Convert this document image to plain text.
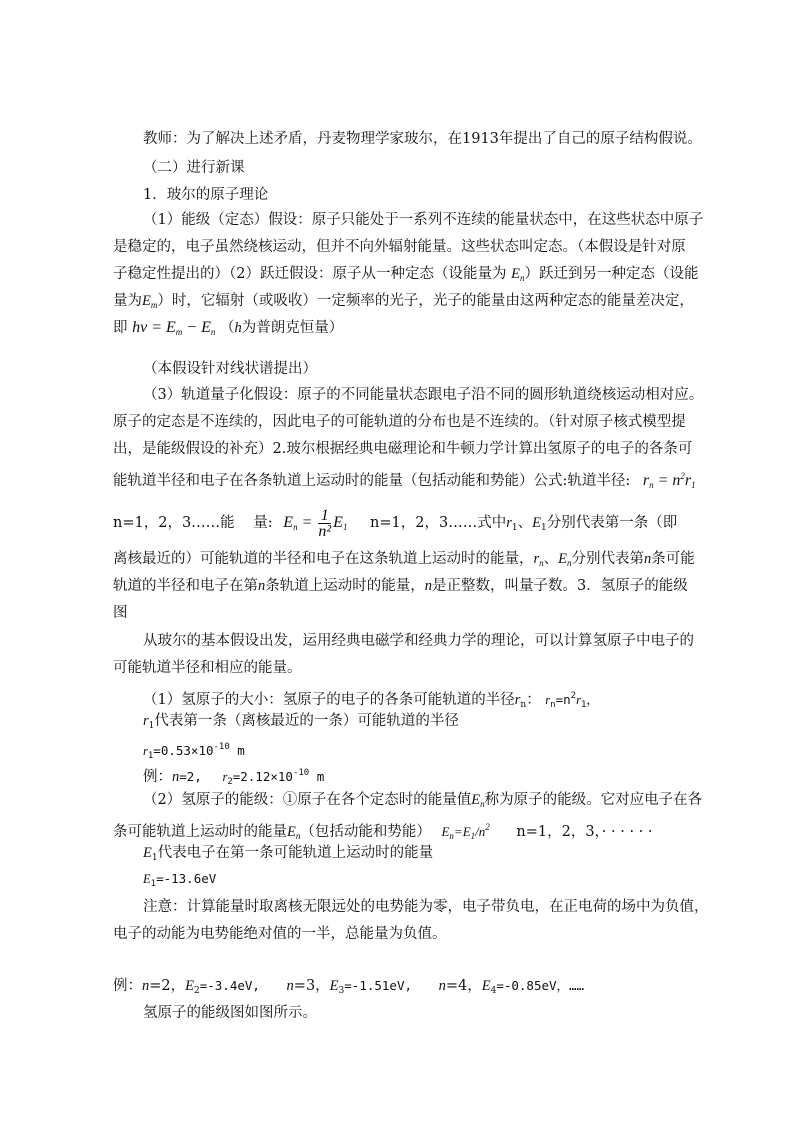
教师：为了解决上述矛盾，丹麦物理学家玻尔，在1913年提出了自己的原子结构假说。
（二）进行新课
1．玻尔的原子理论
（1）能级（定态）假设：原子只能处于一系列不连续的能量状态中，在这些状态中原子
是稳定的，电子虽然绕核运动，但并不向外辐射能量。这些状态叫定态。（本假设是针对原
子稳定性提出的）（2）跃迁假设：原子从一种定态（设能量为 $E_n$）跃迁到另一种定态（设能
量为$E_m$）时，它辐射（或吸收）一定频率的光子，光子的能量由这两种定态的能量差决定，
即 $h\nu = E_m - E_n$ （h为普朗克恒量）
（本假设针对线状谱提出）
（3）轨道量子化假设：原子的不同能量状态跟电子沿不同的圆形轨道绕核运动相对应。
原子的定态是不连续的，因此电子的可能轨道的分布也是不连续的。（针对原子核式模型提
出，是能级假设的补充）2.玻尔根据经典电磁理论和牛顿力学计算出氢原子的电子的各条可
能轨道半径和电子在各条轨道上运动时的能量（包括动能和势能）公式:轨道半径: $r_n = n^2r_1$
n=1，2，3……能 量: $E_n = \frac{1}{\text{n²}} E_1$ n=1，2，3……式中$r_1$、$E_1$分别代表第一条（即
离核最近的）可能轨道的半径和电子在这条轨道上运动时的能量，$r_n$、$E_n$分别代表第n条可能
轨道的半径和电子在第n条轨道上运动时的能量，n是正整数，叫量子数。3．氢原子的能级
图
从玻尔的基本假设出发，运用经典电磁学和经典力学的理论，可以计算氢原子中电子的
可能轨道半径和相应的能量。
（1）氢原子的大小：氢原子的电子的各条可能轨道的半径$r_n$： $r_n=n^2r_1$，
$r_1$代表第一条（离核最近的一条）可能轨道的半径
$r_1=0.53\times 10^{-10}$ m
例：n=2, $r_2=2.12\times 10^{-10}$ m
（2）氢原子的能级：①原子在各个定态时的能量值$E_n$称为原子的能级。它对应电子在各
条可能轨道上运动时的能量$E_n$（包括动能和势能） $E_n=E_1/n^2$ n=1，2，3，· · · · · ·
$E_1$代表电子在第一条可能轨道上运动时的能量
$E_1=-13.6eV$
注意：计算能量时取离核无限远处的电势能为零，电子带负电，在正电荷的场中为负值，
电子的动能为电势能绝对值的一半，总能量为负值。
例：n=2，$E_2=-3.4eV$, n=3，$E_3=-1.51eV$, n=4，$E_4=-0.85eV$，……
氢原子的能级图如图所示。
